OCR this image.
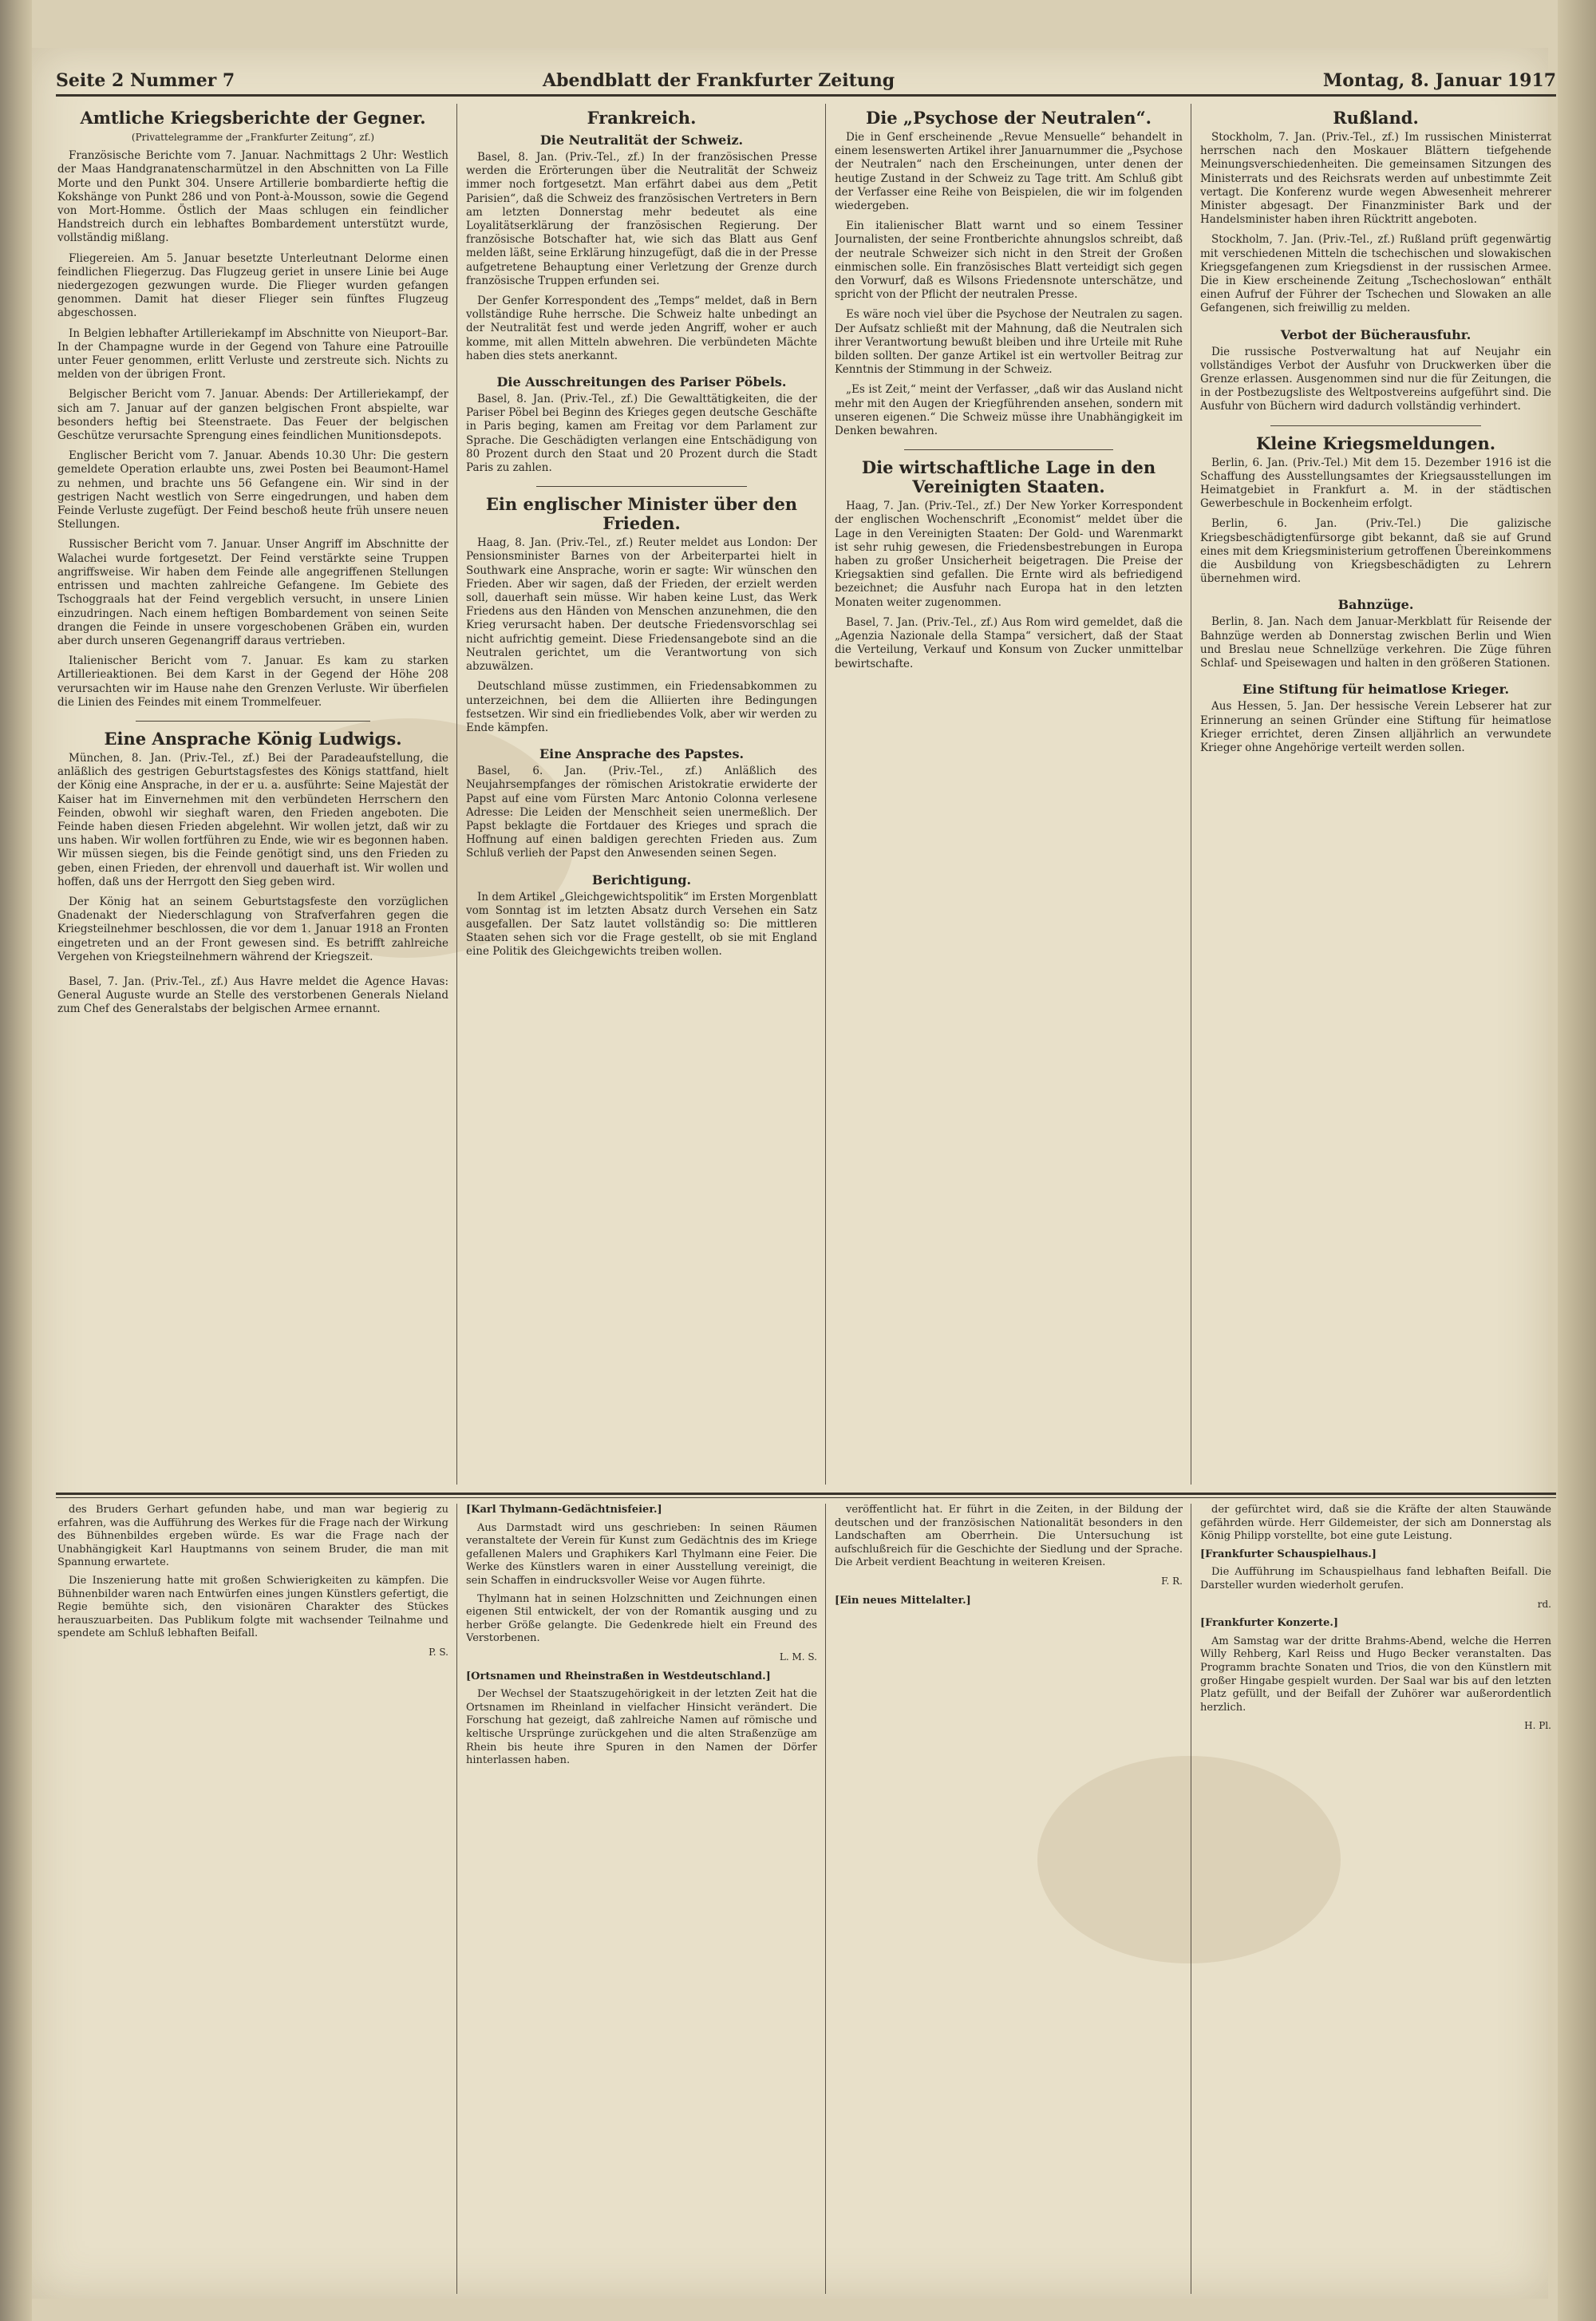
Seite 2 Nummer 7	Abendblatt der Frankfurter Zeitung	Montag, 8. Januar 1917
Amtliche Kriegsberichte der Gegner.
(Privattelegramme der „Frankfurter Zeitung“, zf.)

Französische Berichte vom 7. Januar. Nachmittags 2 Uhr: Westlich der Maas Handgranatenscharmützel in den Abschnitten von La Fille Morte und den Punkt 304. Unsere Artillerie bombardierte heftig die Kokshänge von Punkt 286 und von Pont-à-Mousson, sowie die Gegend von Mort-Homme. Östlich der Maas schlugen ein feindlicher Handstreich durch ein lebhaftes Bombardement unterstützt wurde, vollständig mißlang.

Fliegereien. Am 5. Januar besetzte Unterleutnant Delorme einen feindlichen Fliegerzug. Das Flugzeug geriet in unsere Linie bei Auge niedergezogen gezwungen wurde. Die Flieger wurden gefangen genommen. Damit hat dieser Flieger sein fünftes Flugzeug abgeschossen.

In Belgien lebhafter Artilleriekampf im Abschnitte von Nieuport–Bar. In der Champagne wurde in der Gegend von Tahure eine Patrouille unter Feuer genommen, erlitt Verluste und zerstreute sich. Nichts zu melden von der übrigen Front.

Belgischer Bericht vom 7. Januar. Abends: Der Artilleriekampf, der sich am 7. Januar auf der ganzen belgischen Front abspielte, war besonders heftig bei Steenstraete. Das Feuer der belgischen Geschütze verursachte Sprengung eines feindlichen Munitionsdepots.

Englischer Bericht vom 7. Januar. Abends 10.30 Uhr: Die gestern gemeldete Operation erlaubte uns, zwei Posten bei Beaumont-Hamel zu nehmen, und brachte uns 56 Gefangene ein. Wir sind in der gestrigen Nacht westlich von Serre eingedrungen, und haben dem Feinde Verluste zugefügt. Der Feind beschoß heute früh unsere neuen Stellungen.

Russischer Bericht vom 7. Januar. Unser Angriff im Abschnitte der Walachei wurde fortgesetzt. Der Feind verstärkte seine Truppen angriffsweise. Wir haben dem Feinde alle angegriffenen Stellungen entrissen und machten zahlreiche Gefangene. Im Gebiete des Tschoggraals hat der Feind vergeblich versucht, in unsere Linien einzudringen. Nach einem heftigen Bombardement von seinen Seite drangen die Feinde in unsere vorgeschobenen Gräben ein, wurden aber durch unseren Gegenangriff daraus vertrieben.

Italienischer Bericht vom 7. Januar. Es kam zu starken Artillerieaktionen. Bei dem Karst in der Gegend der Höhe 208 verursachten wir im Hause nahe den Grenzen Verluste. Wir überfielen die Linien des Feindes mit einem Trommelfeuer.

Eine Ansprache König Ludwigs.

München, 8. Jan. (Priv.-Tel., zf.) Bei der Paradeaufstellung, die anläßlich des gestrigen Geburtstagsfestes des Königs stattfand, hielt der König eine Ansprache, in der er u. a. ausführte: Seine Majestät der Kaiser hat im Einvernehmen mit den verbündeten Herrschern den Feinden, obwohl wir sieghaft waren, den Frieden angeboten. Die Feinde haben diesen Frieden abgelehnt. Wir wollen jetzt, daß wir zu uns haben. Wir wollen fortführen zu Ende, wie wir es begonnen haben. Wir müssen siegen, bis die Feinde genötigt sind, uns den Frieden zu geben, einen Frieden, der ehrenvoll und dauerhaft ist. Wir wollen und hoffen, daß uns der Herrgott den Sieg geben wird.

Der König hat an seinem Geburtstagsfeste den vorzüglichen Gnadenakt der Niederschlagung von Strafverfahren gegen die Kriegsteilnehmer beschlossen, die vor dem 1. Januar 1918 an Fronten eingetreten und an der Front gewesen sind. Es betrifft zahlreiche Vergehen von Kriegsteilnehmern während der Kriegszeit.

Basel, 7. Jan. (Priv.-Tel., zf.) Aus Havre meldet die Agence Havas: General Auguste wurde an Stelle des verstorbenen Generals Nieland zum Chef des Generalstabs der belgischen Armee ernannt.

Frankreich.
Die Neutralität der Schweiz.

Basel, 8. Jan. (Priv.-Tel., zf.) In der französischen Presse werden die Erörterungen über die Neutralität der Schweiz immer noch fortgesetzt. Man erfährt dabei aus dem „Petit Parisien“, daß die Schweiz des französischen Vertreters in Bern am letzten Donnerstag mehr bedeutet als eine Loyalitätserklärung der französischen Regierung. Der französische Botschafter hat, wie sich das Blatt aus Genf melden läßt, seine Erklärung hinzugefügt, daß die in der Presse aufgetretene Behauptung einer Verletzung der Grenze durch französische Truppen erfunden sei.

Der Genfer Korrespondent des „Temps“ meldet, daß in Bern vollständige Ruhe herrsche. Die Schweiz halte unbedingt an der Neutralität fest und werde jeden Angriff, woher er auch komme, mit allen Mitteln abwehren. Die verbündeten Mächte haben dies stets anerkannt.

Die Ausschreitungen des Pariser Pöbels.

Basel, 8. Jan. (Priv.-Tel., zf.) Die Gewalttätigkeiten, die der Pariser Pöbel bei Beginn des Krieges gegen deutsche Geschäfte in Paris beging, kamen am Freitag vor dem Parlament zur Sprache. Die Geschädigten verlangen eine Entschädigung von 80 Prozent durch den Staat und 20 Prozent durch die Stadt Paris zu zahlen.

Ein englischer Minister über den Frieden.

Haag, 8. Jan. (Priv.-Tel., zf.) Reuter meldet aus London: Der Pensionsminister Barnes von der Arbeiterpartei hielt in Southwark eine Ansprache, worin er sagte: Wir wünschen den Frieden. Aber wir sagen, daß der Frieden, der erzielt werden soll, dauerhaft sein müsse. Wir haben keine Lust, das Werk Friedens aus den Händen von Menschen anzunehmen, die den Krieg verursacht haben. Der deutsche Friedensvorschlag sei nicht aufrichtig gemeint. Diese Friedensangebote sind an die Neutralen gerichtet, um die Verantwortung von sich abzuwälzen.

Deutschland müsse zustimmen, ein Friedensabkommen zu unterzeichnen, bei dem die Alliierten ihre Bedingungen festsetzen. Wir sind ein friedliebendes Volk, aber wir werden zu Ende kämpfen.

Eine Ansprache des Papstes.

Basel, 6. Jan. (Priv.-Tel., zf.) Anläßlich des Neujahrsempfanges der römischen Aristokratie erwiderte der Papst auf eine vom Fürsten Marc Antonio Colonna verlesene Adresse: Die Leiden der Menschheit seien unermeßlich. Der Papst beklagte die Fortdauer des Krieges und sprach die Hoffnung auf einen baldigen gerechten Frieden aus. Zum Schluß verlieh der Papst den Anwesenden seinen Segen.

Berichtigung.

In dem Artikel „Gleichgewichtspolitik“ im Ersten Morgenblatt vom Sonntag ist im letzten Absatz durch Versehen ein Satz ausgefallen. Der Satz lautet vollständig so: Die mittleren Staaten sehen sich vor die Frage gestellt, ob sie mit England eine Politik des Gleichgewichts treiben wollen.

Die „Psychose der Neutralen“.

Die in Genf erscheinende „Revue Mensuelle“ behandelt in einem lesenswerten Artikel ihrer Januarnummer die „Psychose der Neutralen“ nach den Erscheinungen, unter denen der heutige Zustand in der Schweiz zu Tage tritt. Am Schluß gibt der Verfasser eine Reihe von Beispielen, die wir im folgenden wiedergeben.

Ein italienischer Blatt warnt und so einem Tessiner Journalisten, der seine Frontberichte ahnungslos schreibt, daß der neutrale Schweizer sich nicht in den Streit der Großen einmischen solle. Ein französisches Blatt verteidigt sich gegen den Vorwurf, daß es Wilsons Friedensnote unterschätze, und spricht von der Pflicht der neutralen Presse.

Es wäre noch viel über die Psychose der Neutralen zu sagen. Der Aufsatz schließt mit der Mahnung, daß die Neutralen sich ihrer Verantwortung bewußt bleiben und ihre Urteile mit Ruhe bilden sollten. Der ganze Artikel ist ein wertvoller Beitrag zur Kenntnis der Stimmung in der Schweiz.

„Es ist Zeit,“ meint der Verfasser, „daß wir das Ausland nicht mehr mit den Augen der Kriegführenden ansehen, sondern mit unseren eigenen.“ Die Schweiz müsse ihre Unabhängigkeit im Denken bewahren.

Die wirtschaftliche Lage in den Vereinigten Staaten.

Haag, 7. Jan. (Priv.-Tel., zf.) Der New Yorker Korrespondent der englischen Wochenschrift „Economist“ meldet über die Lage in den Vereinigten Staaten: Der Gold- und Warenmarkt ist sehr ruhig gewesen, die Friedensbestrebungen in Europa haben zu großer Unsicherheit beigetragen. Die Preise der Kriegsaktien sind gefallen. Die Ernte wird als befriedigend bezeichnet; die Ausfuhr nach Europa hat in den letzten Monaten weiter zugenommen.

Basel, 7. Jan. (Priv.-Tel., zf.) Aus Rom wird gemeldet, daß die „Agenzia Nazionale della Stampa“ versichert, daß der Staat die Verteilung, Verkauf und Konsum von Zucker unmittelbar bewirtschafte.

Rußland.

Stockholm, 7. Jan. (Priv.-Tel., zf.) Im russischen Ministerrat herrschen nach den Moskauer Blättern tiefgehende Meinungsverschiedenheiten. Die gemeinsamen Sitzungen des Ministerrats und des Reichsrats werden auf unbestimmte Zeit vertagt. Die Konferenz wurde wegen Abwesenheit mehrerer Minister abgesagt. Der Finanzminister Bark und der Handelsminister haben ihren Rücktritt angeboten.

Stockholm, 7. Jan. (Priv.-Tel., zf.) Rußland prüft gegenwärtig mit verschiedenen Mitteln die tschechischen und slowakischen Kriegsgefangenen zum Kriegsdienst in der russischen Armee. Die in Kiew erscheinende Zeitung „Tschechoslowan“ enthält einen Aufruf der Führer der Tschechen und Slowaken an alle Gefangenen, sich freiwillig zu melden.

Verbot der Bücherausfuhr.

Die russische Postverwaltung hat auf Neujahr ein vollständiges Verbot der Ausfuhr von Druckwerken über die Grenze erlassen. Ausgenommen sind nur die für Zeitungen, die in der Postbezugsliste des Weltpostvereins aufgeführt sind. Die Ausfuhr von Büchern wird dadurch vollständig verhindert.

Kleine Kriegsmeldungen.

Berlin, 6. Jan. (Priv.-Tel.) Mit dem 15. Dezember 1916 ist die Schaffung des Ausstellungsamtes der Kriegsausstellungen im Heimatgebiet in Frankfurt a. M. in der städtischen Gewerbeschule in Bockenheim erfolgt.

Berlin, 6. Jan. (Priv.-Tel.) Die galizische Kriegsbeschädigtenfürsorge gibt bekannt, daß sie auf Grund eines mit dem Kriegsministerium getroffenen Übereinkommens die Ausbildung von Kriegsbeschädigten zu Lehrern übernehmen wird.

Bahnzüge.

Berlin, 8. Jan. Nach dem Januar-Merkblatt für Reisende der Bahnzüge werden ab Donnerstag zwischen Berlin und Wien und Breslau neue Schnellzüge verkehren. Die Züge führen Schlaf- und Speisewagen und halten in den größeren Stationen.

Eine Stiftung für heimatlose Krieger.

Aus Hessen, 5. Jan. Der hessische Verein Lebserer hat zur Erinnerung an seinen Gründer eine Stiftung für heimatlose Krieger errichtet, deren Zinsen alljährlich an verwundete Krieger ohne Angehörige verteilt werden sollen.

des Bruders Gerhart gefunden habe, und man war begierig zu erfahren, was die Aufführung des Werkes für die Frage nach der Wirkung des Bühnenbildes ergeben würde. Es war die Frage nach der Unabhängigkeit Karl Hauptmanns von seinem Bruder, die man mit Spannung erwartete.

Die Inszenierung hatte mit großen Schwierigkeiten zu kämpfen. Die Bühnenbilder waren nach Entwürfen eines jungen Künstlers gefertigt, die Regie bemühte sich, den visionären Charakter des Stückes herauszuarbeiten. Das Publikum folgte mit wachsender Teilnahme und spendete am Schluß lebhaften Beifall.

P. S.

[Karl Thylmann-Gedächtnisfeier.]

Aus Darmstadt wird uns geschrieben: In seinen Räumen veranstaltete der Verein für Kunst zum Gedächtnis des im Kriege gefallenen Malers und Graphikers Karl Thylmann eine Feier. Die Werke des Künstlers waren in einer Ausstellung vereinigt, die sein Schaffen in eindrucksvoller Weise vor Augen führte.

Thylmann hat in seinen Holzschnitten und Zeichnungen einen eigenen Stil entwickelt, der von der Romantik ausging und zu herber Größe gelangte. Die Gedenkrede hielt ein Freund des Verstorbenen.

L. M. S.

[Ortsnamen und Rheinstraßen in Westdeutschland.]

Der Wechsel der Staatszugehörigkeit in der letzten Zeit hat die Ortsnamen im Rheinland in vielfacher Hinsicht verändert. Die Forschung hat gezeigt, daß zahlreiche Namen auf römische und keltische Ursprünge zurückgehen und die alten Straßenzüge am Rhein bis heute ihre Spuren in den Namen der Dörfer hinterlassen haben.

veröffentlicht hat. Er führt in die Zeiten, in der Bildung der deutschen und der französischen Nationalität besonders in den Landschaften am Oberrhein. Die Untersuchung ist aufschlußreich für die Geschichte der Siedlung und der Sprache. Die Arbeit verdient Beachtung in weiteren Kreisen.

F. R.

[Ein neues Mittelalter.]

der gefürchtet wird, daß sie die Kräfte der alten Stauwände gefährden würde. Herr Gildemeister, der sich am Donnerstag als König Philipp vorstellte, bot eine gute Leistung.

[Frankfurter Schauspielhaus.]

Die Aufführung im Schauspielhaus fand lebhaften Beifall. Die Darsteller wurden wiederholt gerufen.

rd.

[Frankfurter Konzerte.]

Am Samstag war der dritte Brahms-Abend, welche die Herren Willy Rehberg, Karl Reiss und Hugo Becker veranstalten. Das Programm brachte Sonaten und Trios, die von den Künstlern mit großer Hingabe gespielt wurden. Der Saal war bis auf den letzten Platz gefüllt, und der Beifall der Zuhörer war außerordentlich herzlich.

H. Pl.
